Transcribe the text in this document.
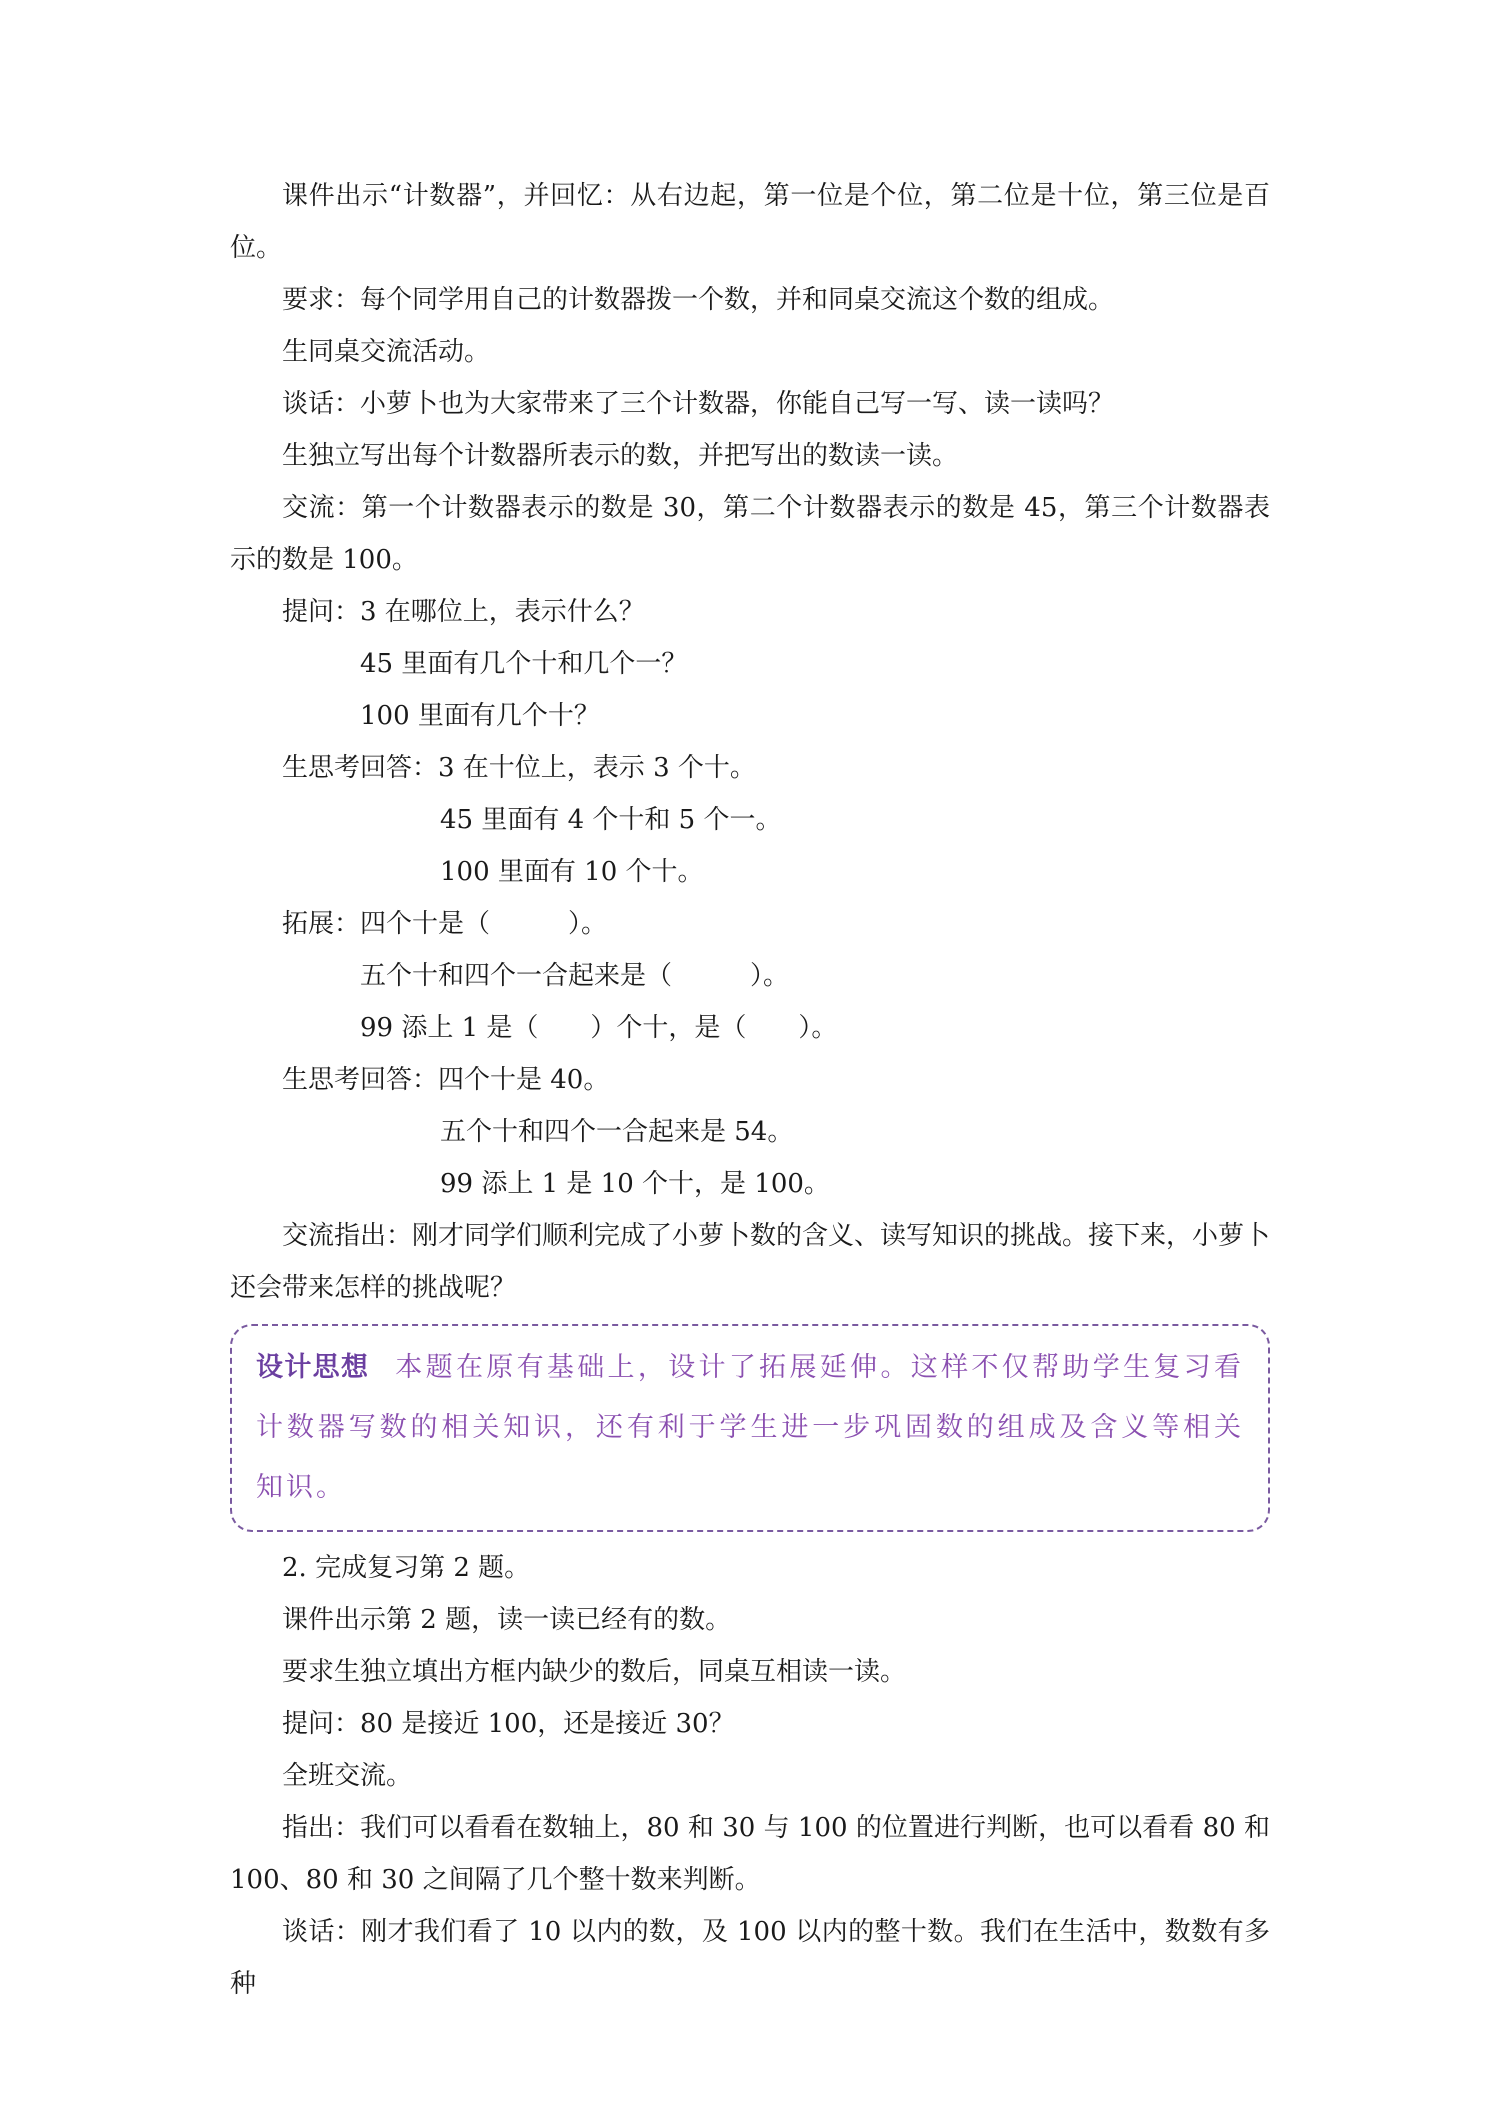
课件出示“计数器”，并回忆：从右边起，第一位是个位，第二位是十位，第三位是百位。

要求：每个同学用自己的计数器拨一个数，并和同桌交流这个数的组成。

生同桌交流活动。

谈话：小萝卜也为大家带来了三个计数器，你能自己写一写、读一读吗？

生独立写出每个计数器所表示的数，并把写出的数读一读。

交流：第一个计数器表示的数是 30，第二个计数器表示的数是 45，第三个计数器表示的数是 100。

提问：3 在哪位上，表示什么？

45 里面有几个十和几个一？

100 里面有几个十？

生思考回答：3 在十位上，表示 3 个十。

45 里面有 4 个十和 5 个一。

100 里面有 10 个十。

拓展：四个十是（　　　）。

五个十和四个一合起来是（　　　）。

99 添上 1 是（　　）个十，是（　　）。

生思考回答：四个十是 40。

五个十和四个一合起来是 54。

99 添上 1 是 10 个十，是 100。

交流指出：刚才同学们顺利完成了小萝卜数的含义、读写知识的挑战。接下来，小萝卜还会带来怎样的挑战呢？

设计思想 本题在原有基础上，设计了拓展延伸。这样不仅帮助学生复习看计数器写数的相关知识，还有利于学生进一步巩固数的组成及含义等相关知识。

2. 完成复习第 2 题。

课件出示第 2 题，读一读已经有的数。

要求生独立填出方框内缺少的数后，同桌互相读一读。

提问：80 是接近 100，还是接近 30？

全班交流。

指出：我们可以看看在数轴上，80 和 30 与 100 的位置进行判断，也可以看看 80 和 100、80 和 30 之间隔了几个整十数来判断。

谈话：刚才我们看了 10 以内的数，及 100 以内的整十数。我们在生活中，数数有多种
